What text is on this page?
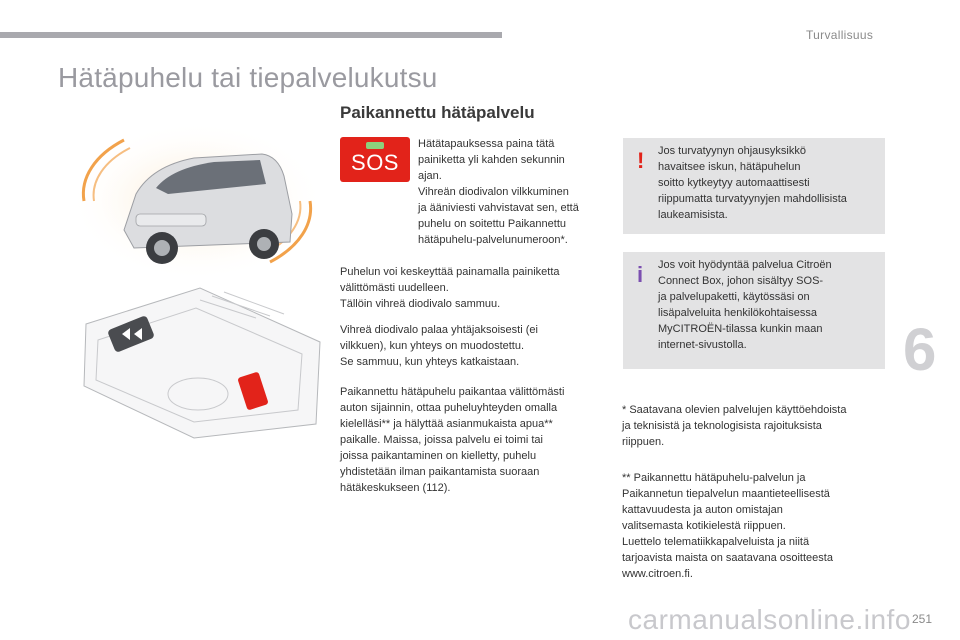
Turvallisuus
Hätäpuhelu tai tiepalvelukutsu
Paikannettu hätäpalvelu
SOS

Hätätapauksessa paina tätä
painiketta yli kahden sekunnin
ajan.
Vihreän diodivalon vilkkuminen
ja ääniviesti vahvistavat sen, että
puhelu on soitettu Paikannettu
hätäpuhelu-palvelunumeroon*.

Puhelun voi keskeyttää painamalla painiketta
välittömästi uudelleen.
Tällöin vihreä diodivalo sammuu.

Vihreä diodivalo palaa yhtäjaksoisesti (ei
vilkkuen), kun yhteys on muodostettu.
Se sammuu, kun yhteys katkaistaan.

Paikannettu hätäpuhelu paikantaa välittömästi
auton sijainnin, ottaa puheluyhteyden omalla
kielelläsi** ja hälyttää asianmukaista apua**
paikalle. Maissa, joissa palvelu ei toimi tai
joissa paikantaminen on kielletty, puhelu
yhdistetään ilman paikantamista suoraan
hätäkeskukseen (112).

! Jos turvatyynyn ohjausyksikkö
havaitsee iskun, hätäpuhelun
soitto kytkeytyy automaattisesti
riippumatta turvatyynyjen mahdollisista
laukeamisista.

i Jos voit hyödyntää palvelua Citroën
Connect Box, johon sisältyy SOS-
ja palvelupaketti, käytössäsi on
lisäpalveluita henkilökohtaisessa
MyCITROËN-tilassa kunkin maan
internet-sivustolla.

* Saatavana olevien palvelujen käyttöehdoista
ja teknisistä ja teknologisista rajoituksista
riippuen.

** Paikannettu hätäpuhelu-palvelun ja
Paikannetun tiepalvelun maantieteellisestä
kattavuudesta ja auton omistajan
valitsemasta kotikielestä riippuen.
Luettelo telematiikkapalveluista ja niitä
tarjoavista maista on saatavana osoitteesta
www.citroen.fi.

6
carmanualsonline.info 251
